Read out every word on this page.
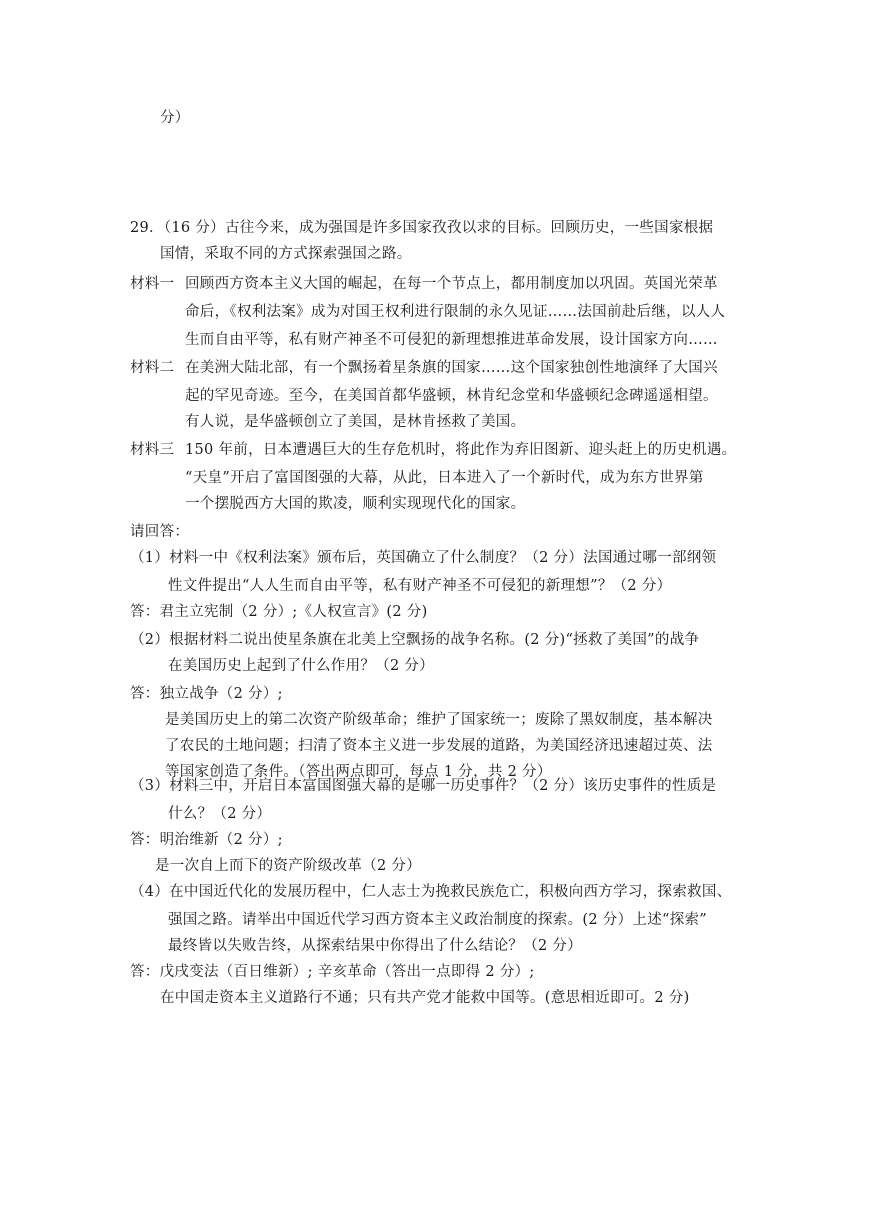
分）
29．（16 分）古往今来，成为强国是许多国家孜孜以求的目标。回顾历史，一些国家根据
国情，采取不同的方式探索强国之路。
材料一 回顾西方资本主义大国的崛起，在每一个节点上，都用制度加以巩固。英国光荣革
命后，《权利法案》成为对国王权利进行限制的永久见证……法国前赴后继，以人人
生而自由平等，私有财产神圣不可侵犯的新理想推进革命发展，设计国家方向……
材料二 在美洲大陆北部，有一个飘扬着星条旗的国家……这个国家独创性地演绎了大国兴
起的罕见奇迹。至今，在美国首都华盛顿，林肯纪念堂和华盛顿纪念碑遥遥相望。
有人说，是华盛顿创立了美国，是林肯拯救了美国。
材料三 150 年前，日本遭遇巨大的生存危机时，将此作为弃旧图新、迎头赶上的历史机遇。
“天皇”开启了富国图强的大幕，从此，日本进入了一个新时代，成为东方世界第
一个摆脱西方大国的欺凌，顺利实现现代化的国家。
请回答：
（1）材料一中《权利法案》颁布后，英国确立了什么制度？（2 分）法国通过哪一部纲领
性文件提出“人人生而自由平等，私有财产神圣不可侵犯的新理想”？（2 分）
答：君主立宪制（2 分）;《人权宣言》(2 分)
（2）根据材料二说出使星条旗在北美上空飘扬的战争名称。(2 分)“拯救了美国”的战争
在美国历史上起到了什么作用？（2 分）
答：独立战争（2 分）;
是美国历史上的第二次资产阶级革命；维护了国家统一；废除了黑奴制度，基本解决
了农民的土地问题；扫清了资本主义进一步发展的道路，为美国经济迅速超过英、法
等国家创造了条件。（答出两点即可，每点 1 分，共 2 分）
（3）材料三中，开启日本富国图强大幕的是哪一历史事件？（2 分）该历史事件的性质是
什么？（2 分）
答：明治维新（2 分）;
是一次自上而下的资产阶级改革（2 分）
（4）在中国近代化的发展历程中，仁人志士为挽救民族危亡，积极向西方学习，探索救国、
强国之路。请举出中国近代学习西方资本主义政治制度的探索。(2 分）上述“探索”
最终皆以失败告终，从探索结果中你得出了什么结论？（2 分）
答：戊戌变法（百日维新）; 辛亥革命（答出一点即得 2 分）;
在中国走资本主义道路行不通；只有共产党才能救中国等。(意思相近即可。2 分)
